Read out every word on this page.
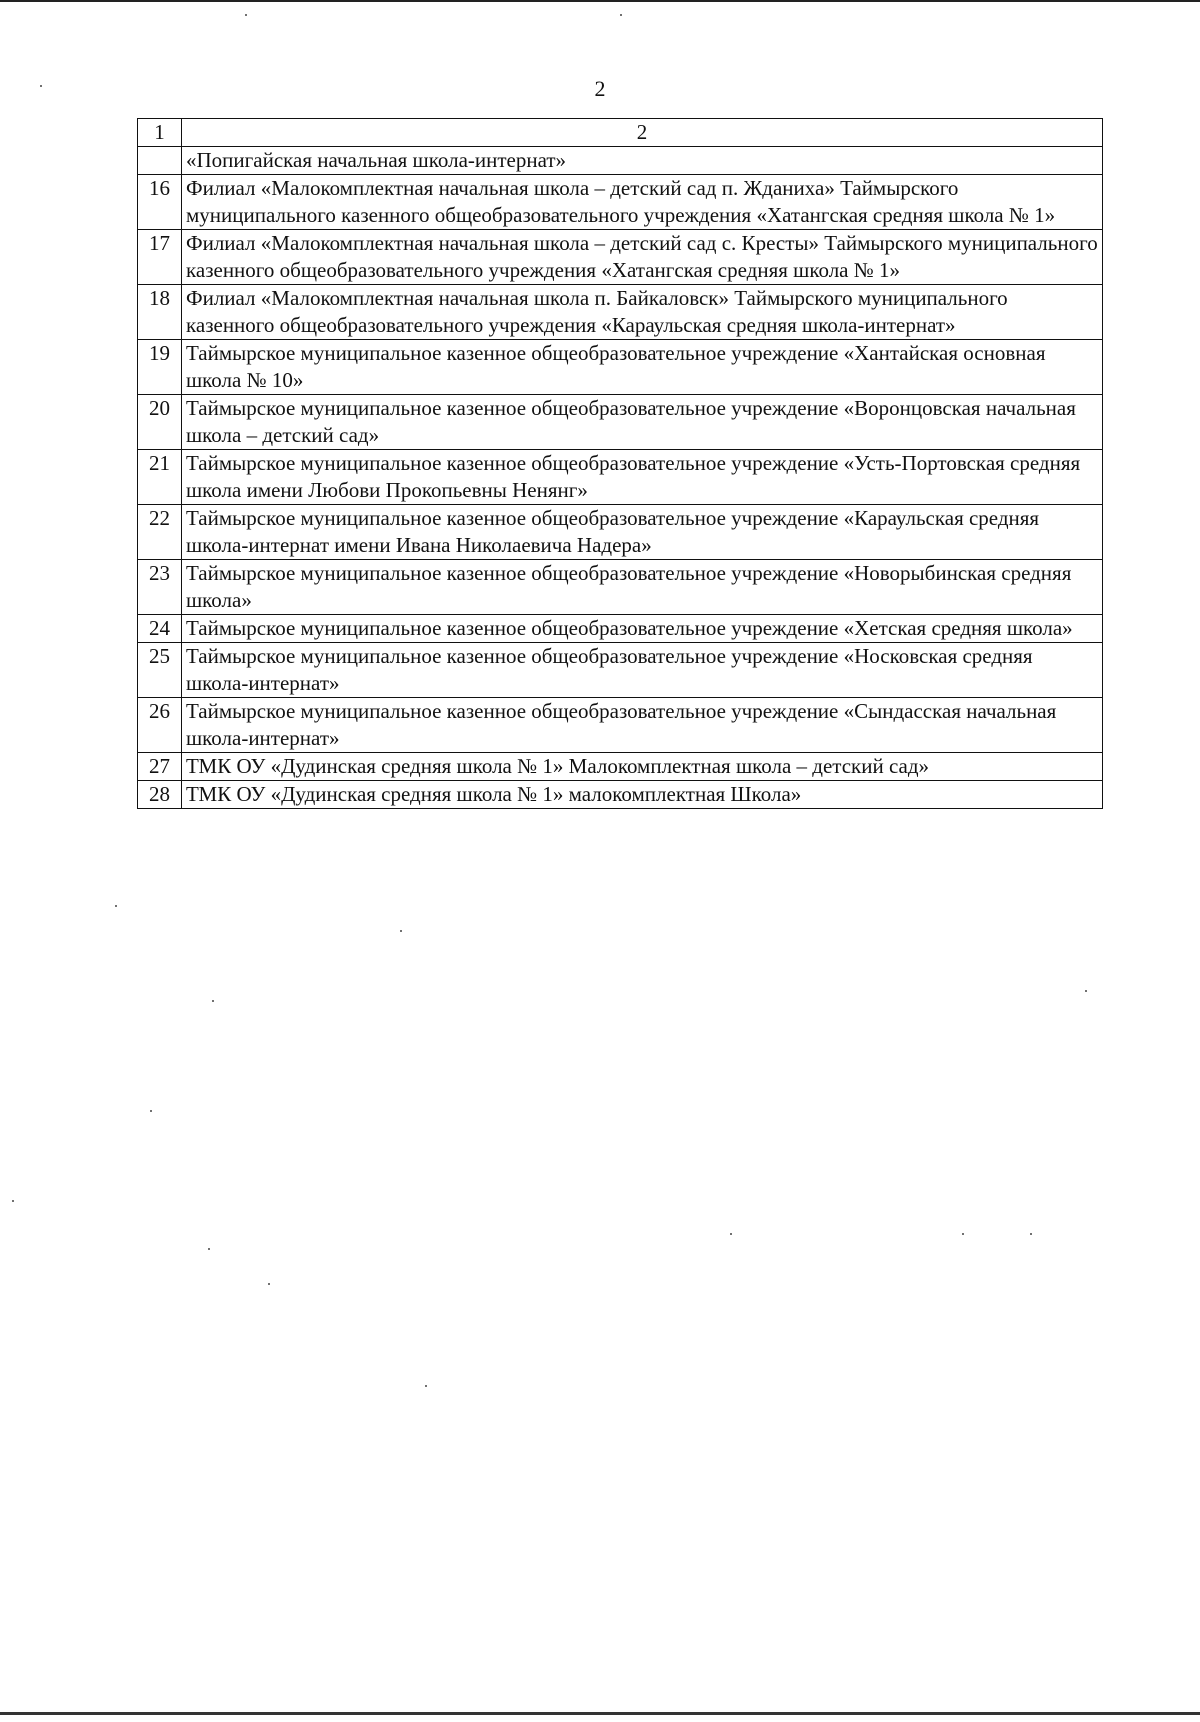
2
1	2
	«Попигайская начальная школа-интернат»
16	Филиал «Малокомплектная начальная школа – детский сад п. Жданиха» Таймырского муниципального казенного общеобразовательного учреждения «Хатангская средняя школа № 1»
17	Филиал «Малокомплектная начальная школа – детский сад с. Кресты» Таймырского муниципального казенного общеобразовательного учреждения «Хатангская средняя школа № 1»
18	Филиал «Малокомплектная начальная школа п. Байкаловск» Таймырского муниципального казенного общеобразовательного учреждения «Караульская средняя школа-интернат»
19	Таймырское муниципальное казенное общеобразовательное учреждение «Хантайская основная школа № 10»
20	Таймырское муниципальное казенное общеобразовательное учреждение «Воронцовская начальная школа – детский сад»
21	Таймырское муниципальное казенное общеобразовательное учреждение «Усть-Портовская средняя школа имени Любови Прокопьевны Ненянг»
22	Таймырское муниципальное казенное общеобразовательное учреждение «Караульская средняя школа-интернат имени Ивана Николаевича Надера»
23	Таймырское муниципальное казенное общеобразовательное учреждение «Новорыбинская средняя школа»
24	Таймырское муниципальное казенное общеобразовательное учреждение «Хетская средняя школа»
25	Таймырское муниципальное казенное общеобразовательное учреждение «Носковская средняя школа-интернат»
26	Таймырское муниципальное казенное общеобразовательное учреждение «Сындасская начальная школа-интернат»
27	ТМК ОУ «Дудинская средняя школа № 1» Малокомплектная школа – детский сад»
28	ТМК ОУ «Дудинская средняя школа № 1» малокомплектная Школа»
